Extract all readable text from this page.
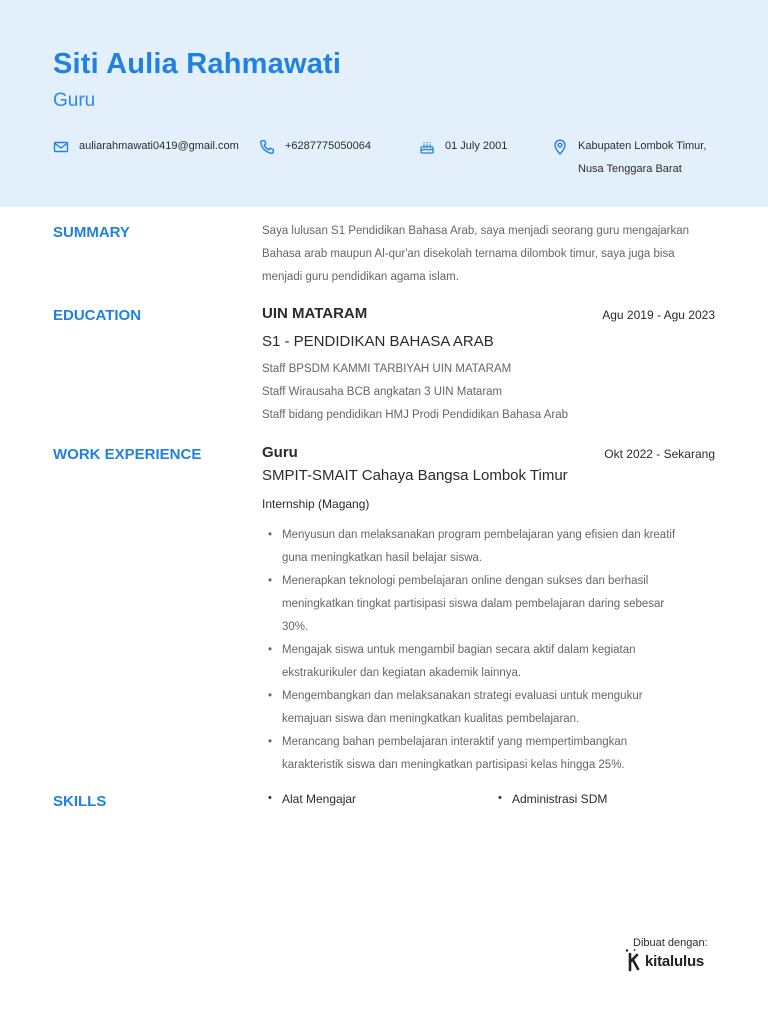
Siti Aulia Rahmawati
Guru
auliarahmawati0419@gmail.com	+6287775050064	01 July 2001	Kabupaten Lombok Timur,
Nusa Tenggara Barat
SUMMARY	Saya lulusan S1 Pendidikan Bahasa Arab, saya menjadi seorang guru mengajarkan
Bahasa arab maupun Al-qur'an disekolah ternama dilombok timur, saya juga bisa
menjadi guru pendidikan agama islam.
EDUCATION	UIN MATARAM	Agu 2019 - Agu 2023
S1 - PENDIDIKAN BAHASA ARAB
Staff BPSDM KAMMI TARBIYAH UIN MATARAM
Staff Wirausaha BCB angkatan 3 UIN Mataram
Staff bidang pendidikan HMJ Prodi Pendidikan Bahasa Arab
WORK EXPERIENCE	Guru	Okt 2022 - Sekarang
SMPIT-SMAIT Cahaya Bangsa Lombok Timur
Internship (Magang)
• Menyusun dan melaksanakan program pembelajaran yang efisien dan kreatif
guna meningkatkan hasil belajar siswa.
• Menerapkan teknologi pembelajaran online dengan sukses dan berhasil
meningkatkan tingkat partisipasi siswa dalam pembelajaran daring sebesar
30%.
• Mengajak siswa untuk mengambil bagian secara aktif dalam kegiatan
ekstrakurikuler dan kegiatan akademik lainnya.
• Mengembangkan dan melaksanakan strategi evaluasi untuk mengukur
kemajuan siswa dan meningkatkan kualitas pembelajaran.
• Merancang bahan pembelajaran interaktif yang mempertimbangkan
karakteristik siswa dan meningkatkan partisipasi kelas hingga 25%.
SKILLS	• Alat Mengajar	• Administrasi SDM
Dibuat dengan:
kitalulus
